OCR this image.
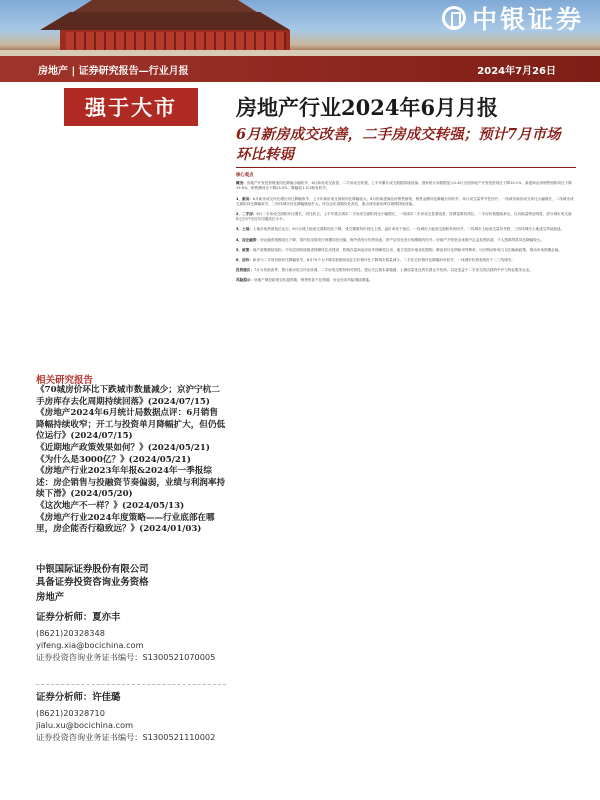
中银证券
房地产 | 证券研究报告—行业月报	2024年7月26日
强于大市	房地产行业2024年6月月报
6月新房成交改善，二手房成交转强；预计7月市场环比转弱
核心观点

概况：房地产开发投资增速同比降幅小幅收窄，6月新房成交改善，二手房成交转强，上半年累计成交数据持续回落。国家统计局数据显示1-6月全国房地产开发投资同比下降10.1%，新建商品房销售面积同比下降19.0%，销售额同比下降25.0%，降幅较1-5月略有收窄。

1．新房：6月新房成交环比增长同比降幅收窄，上半年新房成交面积同比降幅较大。6月份新建商品房销售面积、销售金额同比降幅分别收窄，单月成交量季节性回升；一线城市新房成交环比大幅增长，二线城市成交面积同比降幅收窄，三四线城市同比降幅继续扩大。库存去化周期仍处高位，重点城市新房库存规模持续回落。

2．二手房：6月二手房成交面积环比增长，同比转正。上半年重点城市二手房成交面积同比小幅增长，一线城市二手房成交显著改善，挂牌量维持高位，二手房价格继续承压。以价换量特征明显，部分城市成交面积已回升至近年同期高位水平。

3．土地：土地市场热度低位运行。6月百城土地成交面积同比下降，成交楼面均价同比上涨，溢价率处于低位；一线城市土地成交面积有所回升，二线城市土地成交量价齐跌，三四线城市土地成交持续低迷。

4．房企融资：房企融资规模同比下降，国内信用债发行规模同比回落，海外债发行仍然低迷；资产证券化发行规模略有回升。房地产开发资金来源中定金及预收款、个人按揭贷款同比降幅较大。

5．政策：地产政策继续宽松。中央层面持续推进保障性住房建设、收购存量商品房用作保障性住房，地方层面多地优化限购、降低首付比例和房贷利率，出台购房补贴与以旧换新政策，推动市场预期企稳。

6．房价：新房与二手房价格环比降幅收窄。6月70个大中城市新建商品住宅价格环比下降城市数量减少，二手住宅价格环比降幅有所收窄，一线城市价格表现好于二三线城市。

投资建议：7月为传统淡季，预计新房成交环比转弱，二手房成交维持相对韧性。建议关注基本面稳健、土储质量优良的央国企开发商，以及受益于二手房交易活跃的中介与物业服务企业。

风险提示：房地产调控政策变化超预期，销售恢复不及预期，房企信用风险继续暴露。

相关研究报告
《70城房价环比下跌城市数量减少；京沪宁杭二手房库存去化周期持续回落》(2024/07/15)
《房地产2024年6月统计局数据点评：6月销售降幅持续收窄；开工与投资单月降幅扩大，但仍低位运行》(2024/07/15)
《近期地产政策效果如何？》(2024/05/21)
《为什么是3000亿？》(2024/05/21)
《房地产行业2023年年报&2024年一季报综述：房企销售与投融资节奏偏弱，业绩与利润率持续下滑》(2024/05/20)
《这次地产不一样？》(2024/05/13)
《房地产行业2024年度策略——行业底部在哪里，房企能否行稳致远？》(2024/01/03)
中银国际证券股份有限公司
具备证券投资咨询业务资格
房地产
证券分析师：夏亦丰
(8621)20328348
yifeng.xia@bocichina.com
证券投资咨询业务证书编号：S1300521070005
证券分析师：许佳璐
(8621)20328710
jialu.xu@bocichina.com
证券投资咨询业务证书编号：S1300521110002
